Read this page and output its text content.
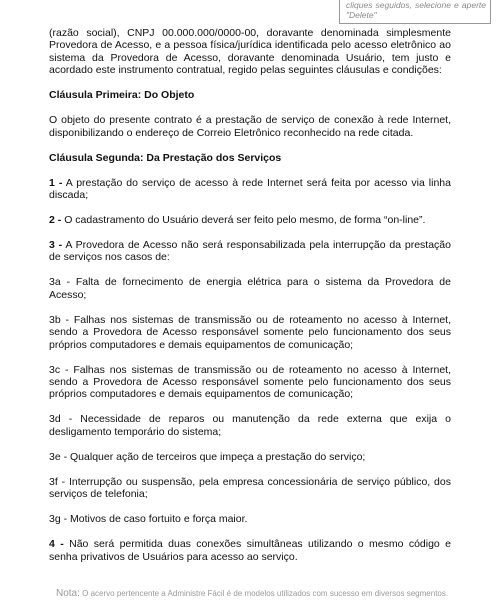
cliques seguidos, selecione e aperte "Delete"

(razão social), CNPJ 00.000.000/0000-00, doravante denominada simplesmente Provedora de Acesso, e a pessoa física/jurídica identificada pelo acesso eletrônico ao sistema da Provedora de Acesso, doravante denominada Usuário, tem justo e acordado este instrumento contratual, regido pelas seguintes cláusulas e condições:

Cláusula Primeira: Do Objeto

O objeto do presente contrato é a prestação de serviço de conexão à rede Internet, disponibilizando o endereço de Correio Eletrônico reconhecido na rede citada.

Cláusula Segunda: Da Prestação dos Serviços

1 - A prestação do serviço de acesso à rede Internet será feita por acesso via linha discada;

2 - O cadastramento do Usuário deverá ser feito pelo mesmo, de forma “on-line”.

3 - A Provedora de Acesso não será responsabilizada pela interrupção da prestação de serviços nos casos de:

3a - Falta de fornecimento de energia elétrica para o sistema da Provedora de Acesso;

3b - Falhas nos sistemas de transmissão ou de roteamento no acesso à Internet, sendo a Provedora de Acesso responsável somente pelo funcionamento dos seus próprios computadores e demais equipamentos de comunicação;

3c - Falhas nos sistemas de transmissão ou de roteamento no acesso à Internet, sendo a Provedora de Acesso responsável somente pelo funcionamento dos seus próprios computadores e demais equipamentos de comunicação;

3d - Necessidade de reparos ou manutenção da rede externa que exija o desligamento temporário do sistema;

3e - Qualquer ação de terceiros que impeça a prestação do serviço;

3f - Interrupção ou suspensão, pela empresa concessionária de serviço público, dos serviços de telefonia;

3g - Motivos de caso fortuito e força maior.

4 - Não será permitida duas conexões simultâneas utilizando o mesmo código e senha privativos de Usuários para acesso ao serviço.

Nota: O acervo pertencente a Administre Fácil é de modelos utilizados com sucesso em diversos segmentos.
